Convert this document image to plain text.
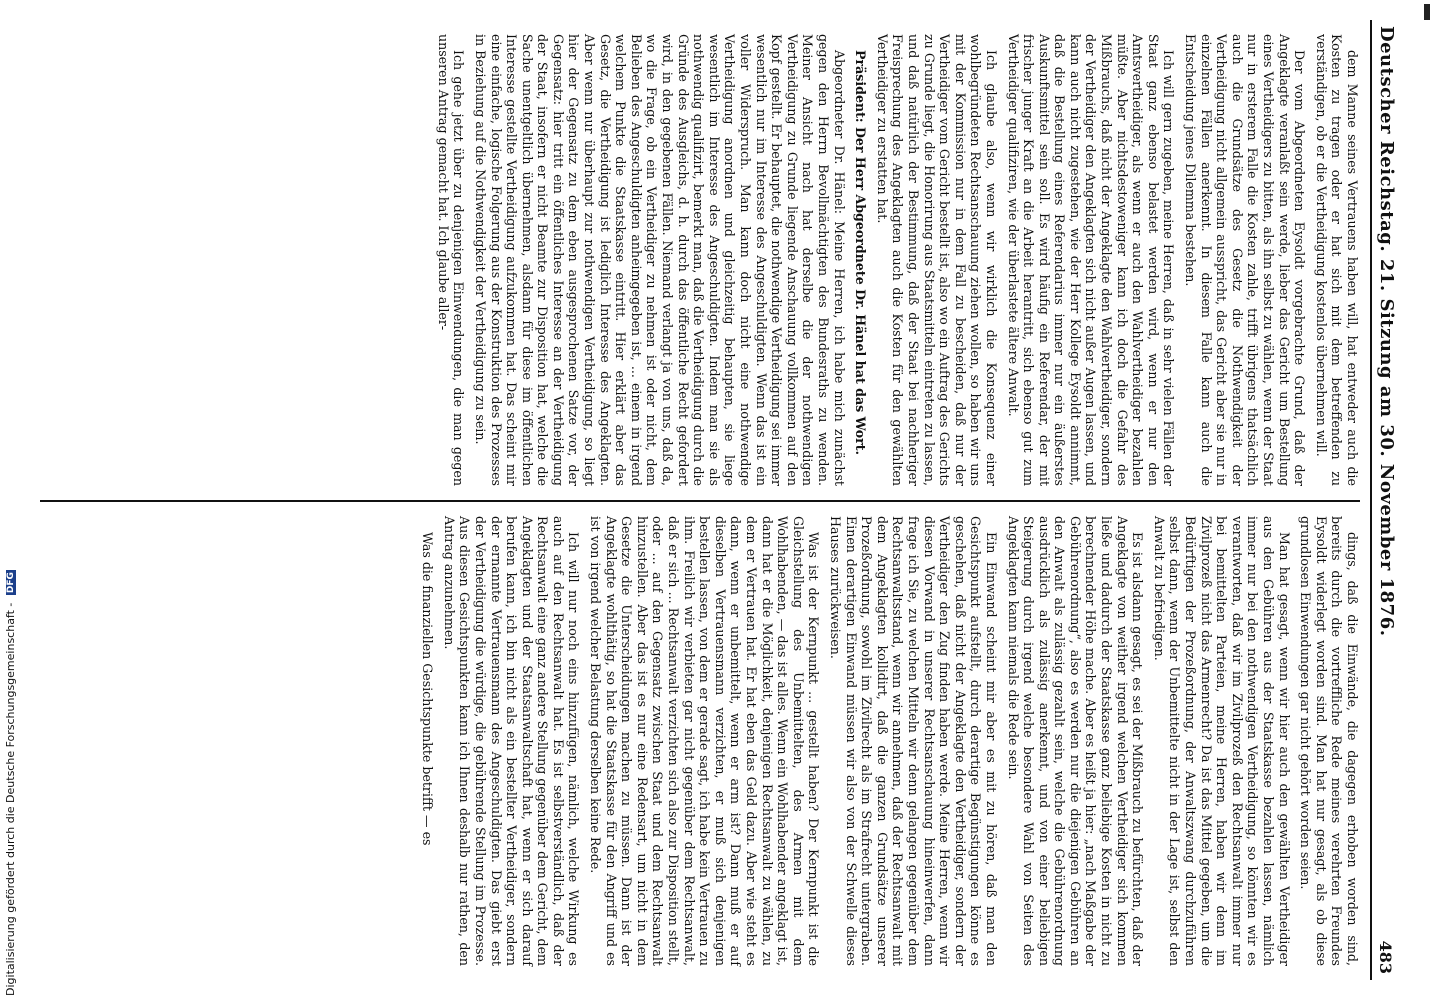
Deutscher Reichstag. 21. Sitzung am 30. November 1876.
483

dem Manne seines Vertrauens haben will, hat entweder auch die Kosten zu tragen oder er hat sich mit dem betreffenden zu verständigen, ob er die Vertheidigung kostenlos übernehmen will.

Der vom Abgeordneten Eysoldt vorgebrachte Grund, daß der Angeklagte veranlaßt sein werde, lieber das Gericht um Bestellung eines Vertheidigers zu bitten, als ihn selbst zu wählen, wenn der Staat nur in ersterem Falle die Kosten zahle, trifft übrigens thatsächlich auch die Grundsätze des Gesetz die Nothwendigkeit der Vertheidigung nicht allgemein ausspricht, das Gericht aber sie nur in einzelnen Fällen anerkennt. In diesem Falle kann auch die Entscheidung jenes Dilemma bestehen.

Ich will gern zugeben, meine Herren, daß in sehr vielen Fällen der Staat ganz ebenso belastet werden wird, wenn er nur den Amtsvertheidiger, als wenn er auch den Wahlvertheidiger bezahlen müßte. Aber nichtsdestoweniger kann ich doch die Gefahr des Mißbrauchs, daß nicht der Angeklagte den Wahlvertheidiger, sondern der Vertheidiger den Angeklagten sich nicht außer Augen lassen, und kann auch nicht zugestehen, wie der Herr Kollege Eysoldt annimmt, daß die Bestellung eines Referendarius immer nur ein äußerstes Auskunftsmittel sein soll. Es wird häufig ein Referendar, der mit frischer junger Kraft an die Arbeit herantritt, sich ebenso gut zum Vertheidiger qualifiziren, wie der überlastete ältere Anwalt.

Ich glaube also, wenn wir wirklich die Konsequenz einer wohlbegründeten Rechtsanschauung ziehen wollen, so haben wir uns mit der Kommission nur in dem Fall zu bescheiden, daß nur der Vertheidiger vom Gericht bestellt ist, also wo ein Auftrag des Gerichts zu Grunde liegt, die Honorirung aus Staatsmitteln eintreten zu lassen, und daß natürlich der Bestimmung, daß der Staat bei nachheriger Freisprechung des Angeklagten auch die Kosten für den gewählten Vertheidiger zu erstatten hat.

Präsident: Der Herr Abgeordnete Dr. Hänel hat das Wort.

Abgeordneter Dr. Hänel: Meine Herren, ich habe mich zunächst gegen den Herrn Bevollmächtigten des Bundesraths zu wenden. Meiner Ansicht nach hat derselbe die der nothwendigen Vertheidigung zu Grunde liegende Anschauung vollkommen auf den Kopf gestellt. Er behauptet, die nothwendige Vertheidigung sei immer wesentlich nur im Interesse des Angeschuldigten. Wenn das ist ein voller Widerspruch. Man kann doch nicht eine nothwendige Vertheidigung anordnen und gleichzeitig behaupten, sie liege wesentlich im Interesse des Angeschuldigten. Indem man sie als nothwendig qualifizirt, bemerkt man, daß die Vertheidigung durch die Gründe des Ausgleichs, d. h. durch das öffentliche Recht gefordert wird, in den gegebenen Fällen. Niemand verlangt ja von uns, daß da, wo die Frage, ob ein Vertheidiger zu nehmen ist oder nicht, dem Belieben des Angeschuldigten anheimgegeben ist, ... einem in irgend welchem Punkte die Staatskasse eintritt. Hier erklärt aber das Gesetz, die Vertheidigung ist lediglich Interesse des Angeklagten. Aber wenn nur überhaupt zur nothwendigen Vertheidigung, so liegt hier der Gegensatz zu dem eben ausgesprochenen Satze vor, der Gegensatz: hier tritt ein öffentliches Interesse an der Vertheidigung der Staat, insofern er nicht Beamte zur Disposition hat, welche die Sache unentgeltlich übernehmen, alsdann für diese im öffentlichen Interesse gestellte Vertheidigung aufzukommen hat. Das scheint mir eine einfache, logische Folgerung aus der Konstruktion des Prozesses in Beziehung auf die Nothwendigkeit der Vertheidigung zu sein.

Ich gehe jetzt über zu denjenigen Einwendungen, die man gegen unseren Antrag gemacht hat. Ich glaube aller-

dings, daß die Einwände, die dagegen erhoben worden sind, bereits durch die vortreffliche Rede meines verehrten Freundes Eysoldt widerlegt worden sind. Man hat nur gesagt, als ob diese grundlosen Einwendungen gar nicht gehört worden seien.

Man hat gesagt, wenn wir hier auch den gewählten Vertheidiger aus den Gebühren aus der Staatskasse bezahlen lassen, nämlich immer nur bei den nothwendigen Vertheidigung, so könnten wir es verantworten, daß wir im Zivilprozeß den Rechtsanwalt immer nur bei bemittelten Parteien, meine Herren, haben wir denn im Zivilprozeß nicht das Armenrecht? Da ist das Mittel gegeben, um die Bedürftigen der Prozeßordnung, der Anwaltszwang durchzuführen selbst dann, wenn der Unbemittelte nicht in der Lage ist, selbst den Anwalt zu befriedigen.

Es ist alsdann gesagt, es sei der Mißbrauch zu befürchten, daß der Angeklagte von weither irgend welchen Vertheidiger sich kommen ließe und dadurch der Staatskasse ganz beliebige Kosten in nicht zu berechnender Höhe mache. Aber es heißt ja hier: „nach Maßgabe der Gebührenordnung“, also es werden nur die diejenigen Gebühren an den Anwalt als zulässig gezahlt sein, welche die Gebührenordnung ausdrücklich als zulässig anerkennt, und von einer beliebigen Steigerung durch irgend welche besondere Wahl von Seiten des Angeklagten kann niemals die Rede sein.

Ein Einwand scheint mir aber es mit zu hören, daß man den Gesichtspunkt aufstellt, durch derartige Begünstigungen könne es geschehen, daß nicht der Angeklagte den Vertheidiger, sondern der Vertheidiger den Zug finden haben werde. Meine Herren, wenn wir diesen Vorwand in unserer Rechtsanschauung hineinwerfen, dann frage ich Sie, zu welchen Mitteln wir denn gelangen gegenüber dem Rechtsanwaltsstand, wenn wir annehmen, daß der Rechtsanwalt mit dem Angeklagten kollidirt, daß die ganzen Grundsätze unserer Prozeßordnung, sowohl im Zivilrecht als im Strafrecht untergraben. Einen derartigen Einwand müssen wir also von der Schwelle dieses Hauses zurückweisen.

Was ist der Kernpunkt ... gestellt haben? Der Kernpunkt ist die Gleichstellung des Unbemittelten, des Armen mit dem Wohlhabenden, — das ist alles. Wenn ein Wohlhabender angeklagt ist, dann hat er die Möglichkeit, denjenigen Rechtsanwalt zu wählen, zu dem er Vertrauen hat. Er hat eben das Geld dazu. Aber wie steht es dann, wenn er unbemittelt, wenn er arm ist? Dann muß er auf dieselben Vertrauensmann verzichten, er muß sich denjenigen bestellen lassen, von dem er gerade sagt, ich habe kein Vertrauen zu ihm. Freilich wir verbieten gar nicht gegenüber dem Rechtsanwalt, daß er sich ... Rechtsanwalt verzichten sich also zur Disposition stellt, oder ... auf den Gegensatz zwischen Staat und dem Rechtsanwalt hinzustellen. Aber das ist es nur eine Redensart, um nicht in dem Gesetze die Unterscheidungen machen zu müssen. Dann ist der Angeklagte wohlthätig, so hat die Staatskasse für den Angriff und es ist von irgend welcher Belastung derselben keine Rede.

Ich will nur noch eins hinzufügen, nämlich, welche Wirkung es auch auf den Rechtsanwalt hat. Es ist selbstverständlich, daß der Rechtsanwalt eine ganz andere Stellung gegenüber dem Gericht, dem Angeklagten und der Staatsanwaltschaft hat, wenn er sich darauf berufen kann, ich bin nicht als ein bestellter Vertheidiger, sondern der ernannte Vertrauensmann des Angeschuldigten. Das giebt erst der Vertheidigung die würdige, die gebührende Stellung im Prozesse. Aus diesen Gesichtspunkten kann ich Ihnen deshalb nur rathen, den Antrag anzunehmen.

Was die finanziellen Gesichtspunkte betrifft — es

Digitalisierung gefördert durch die Deutsche Forschungsgemeinschaft - DFG
